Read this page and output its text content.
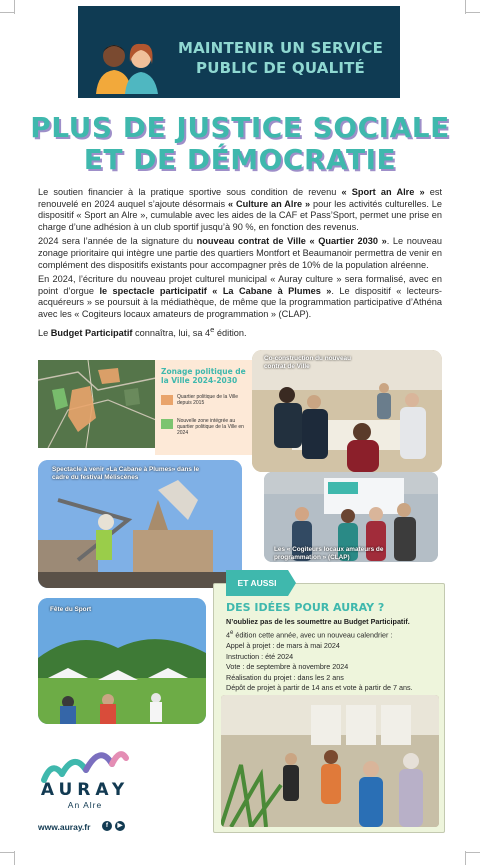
MAINTENIR UN SERVICE
PUBLIC DE QUALITÉ
PLUS DE JUSTICE SOCIALE
ET DE DÉMOCRATIE

Le soutien financier à la pratique sportive sous condition de revenu « Sport an Alre » est renouvelé en 2024 auquel s’ajoute désormais « Culture an Alre » pour les activités culturelles. Le dispositif « Sport an Alre », cumulable avec les aides de la CAF et Pass’Sport, permet une prise en charge d’une adhésion à un club sportif jusqu’à 90 %, en fonction des revenus.

2024 sera l’année de la signature du nouveau contrat de Ville « Quartier 2030 ». Le nouveau zonage prioritaire qui intègre une partie des quartiers Montfort et Beaumanoir permettra de venir en complément des dispositifs existants pour accompagner près de 10% de la population alréenne.

En 2024, l’écriture du nouveau projet culturel municipal « Auray culture » sera formalisé, avec en point d’orgue le spectacle participatif « La Cabane à Plumes ». Le dispositif « lecteurs-acquéreurs » se poursuit à la médiathèque, de même que la programmation participative d’Athéna avec les « Cogiteurs locaux amateurs de programmation » (CLAP).

Le Budget Participatif connaîtra, lui, sa 4e édition.

Zonage politique de la Ville 2024-2030
Quartier politique de la Ville depuis 2015
Nouvelle zone intégrée au quartier politique de la Ville en 2024
Co-construction du nouveau contrat de Ville
Spectacle à venir «La Cabane à Plumes» dans le cadre du festival Méliscènes
Les « Cogiteurs locaux amateurs de programmation » (CLAP)
Fête du Sport
ET AUSSI
DES IDÉES POUR AURAY ?
N’oubliez pas de les soumettre au Budget Participatif.
4e édition cette année, avec un nouveau calendrier :
Appel à projet : de mars à mai 2024
Instruction : été 2024
Vote : de septembre à novembre 2024
Réalisation du projet : dans les 2 ans
Dépôt de projet à partir de 14 ans et vote à partir de 7 ans.
AURAY
An Alre
www.auray.fr	f	▶
